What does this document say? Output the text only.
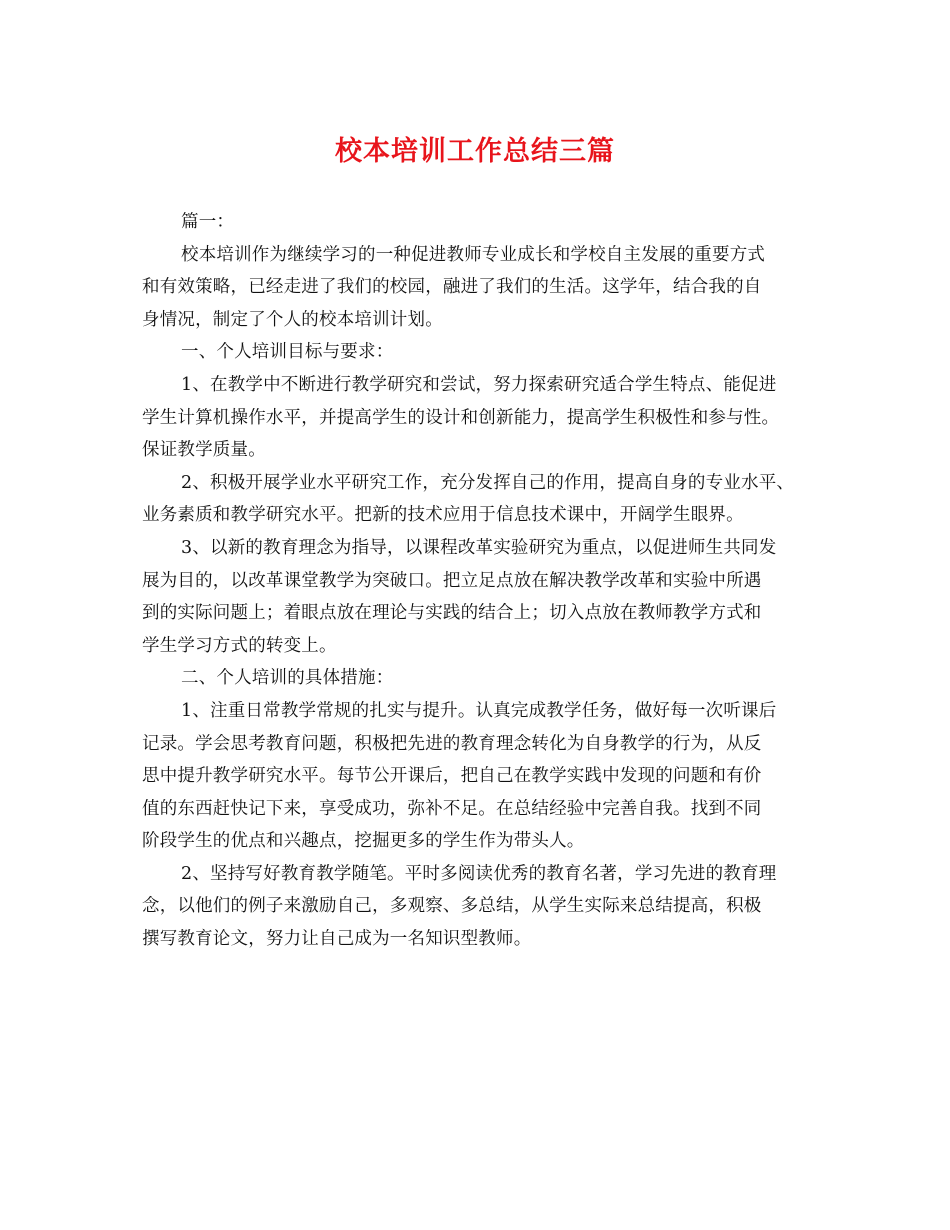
校本培训工作总结三篇
篇一：
校本培训作为继续学习的一种促进教师专业成长和学校自主发展的重要方式
和有效策略，已经走进了我们的校园，融进了我们的生活。这学年，结合我的自
身情况，制定了个人的校本培训计划。
一、个人培训目标与要求：
1、在教学中不断进行教学研究和尝试，努力探索研究适合学生特点、能促进
学生计算机操作水平，并提高学生的设计和创新能力，提高学生积极性和参与性。
保证教学质量。
2、积极开展学业水平研究工作，充分发挥自己的作用，提高自身的专业水平、
业务素质和教学研究水平。把新的技术应用于信息技术课中，开阔学生眼界。
3、以新的教育理念为指导，以课程改革实验研究为重点，以促进师生共同发
展为目的，以改革课堂教学为突破口。把立足点放在解决教学改革和实验中所遇
到的实际问题上；着眼点放在理论与实践的结合上；切入点放在教师教学方式和
学生学习方式的转变上。
二、个人培训的具体措施：
1、注重日常教学常规的扎实与提升。认真完成教学任务，做好每一次听课后
记录。学会思考教育问题，积极把先进的教育理念转化为自身教学的行为，从反
思中提升教学研究水平。每节公开课后，把自己在教学实践中发现的问题和有价
值的东西赶快记下来，享受成功，弥补不足。在总结经验中完善自我。找到不同
阶段学生的优点和兴趣点，挖掘更多的学生作为带头人。
2、坚持写好教育教学随笔。平时多阅读优秀的教育名著，学习先进的教育理
念，以他们的例子来激励自己，多观察、多总结，从学生实际来总结提高，积极
撰写教育论文，努力让自己成为一名知识型教师。
